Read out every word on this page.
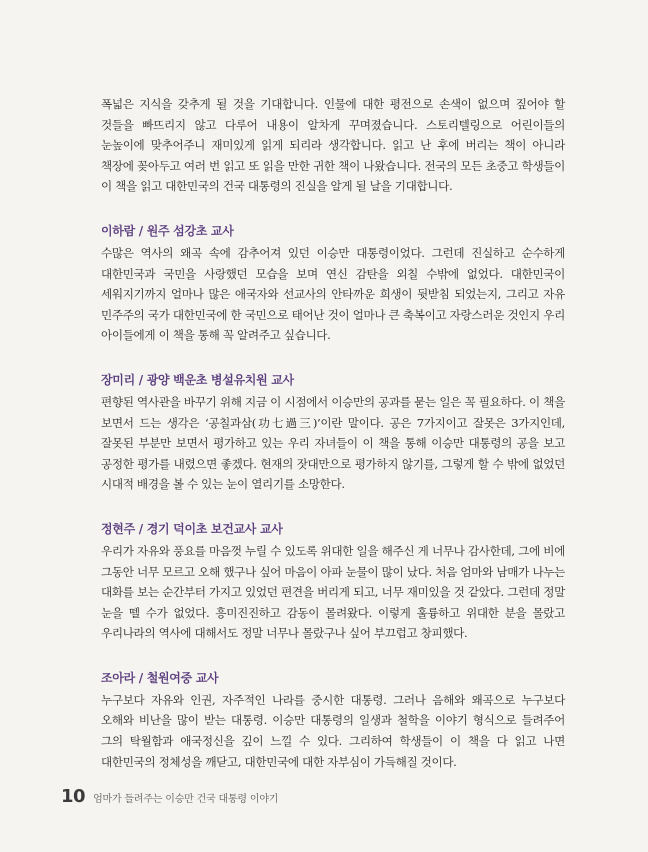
폭넓은 지식을 갖추게 될 것을 기대합니다. 인물에 대한 평전으로 손색이 없으며 짚어야 할 것들을 빠뜨리지 않고 다루어 내용이 알차게 꾸며졌습니다. 스토리텔링으로 어린이들의 눈높이에 맞추어주니 재미있게 읽게 되리라 생각합니다. 읽고 난 후에 버리는 책이 아니라 책장에 꽂아두고 여러 번 읽고 또 읽을 만한 귀한 책이 나왔습니다. 전국의 모든 초중고 학생들이 이 책을 읽고 대한민국의 건국 대통령의 진실을 알게 될 날을 기대합니다.

이하람 / 원주 섬강초 교사

수많은 역사의 왜곡 속에 감추어져 있던 이승만 대통령이었다. 그런데 진실하고 순수하게 대한민국과 국민을 사랑했던 모습을 보며 연신 감탄을 외칠 수밖에 없었다. 대한민국이 세워지기까지 얼마나 많은 애국자와 선교사의 안타까운 희생이 뒷받침 되었는지, 그리고 자유 민주주의 국가 대한민국에 한 국민으로 태어난 것이 얼마나 큰 축복이고 자랑스러운 것인지 우리 아이들에게 이 책을 통해 꼭 알려주고 싶습니다.

장미리 / 광양 백운초 병설유치원 교사

편향된 역사관을 바꾸기 위해 지금 이 시점에서 이승만의 공과를 묻는 일은 꼭 필요하다. 이 책을 보면서 드는 생각은 ‘공칠과삼(功七過三)’이란 말이다. 공은 7가지이고 잘못은 3가지인데, 잘못된 부분만 보면서 평가하고 있는 우리 자녀들이 이 책을 통해 이승만 대통령의 공을 보고 공정한 평가를 내렸으면 좋겠다. 현재의 잣대만으로 평가하지 않기를, 그렇게 할 수 밖에 없었던 시대적 배경을 볼 수 있는 눈이 열리기를 소망한다.

정현주 / 경기 덕이초 보건교사 교사

우리가 자유와 풍요를 마음껏 누릴 수 있도록 위대한 일을 해주신 게 너무나 감사한데, 그에 비에 그동안 너무 모르고 오해 했구나 싶어 마음이 아파 눈물이 많이 났다. 처음 엄마와 남매가 나누는 대화를 보는 순간부터 가지고 있었던 편견을 버리게 되고, 너무 재미있을 것 같았다. 그런데 정말 눈을 뗄 수가 없었다. 흥미진진하고 감동이 몰려왔다. 이렇게 훌륭하고 위대한 분을 몰랐고 우리나라의 역사에 대해서도 정말 너무나 몰랐구나 싶어 부끄럽고 창피했다.

조아라 / 철원여중 교사

누구보다 자유와 인권, 자주적인 나라를 중시한 대통령. 그러나 음해와 왜곡으로 누구보다 오해와 비난을 많이 받는 대통령. 이승만 대통령의 일생과 철학을 이야기 형식으로 들려주어 그의 탁월함과 애국정신을 깊이 느낄 수 있다. 그리하여 학생들이 이 책을 다 읽고 나면 대한민국의 정체성을 깨닫고, 대한민국에 대한 자부심이 가득해질 것이다.

10 엄마가 들려주는 이승만 건국 대통령 이야기
